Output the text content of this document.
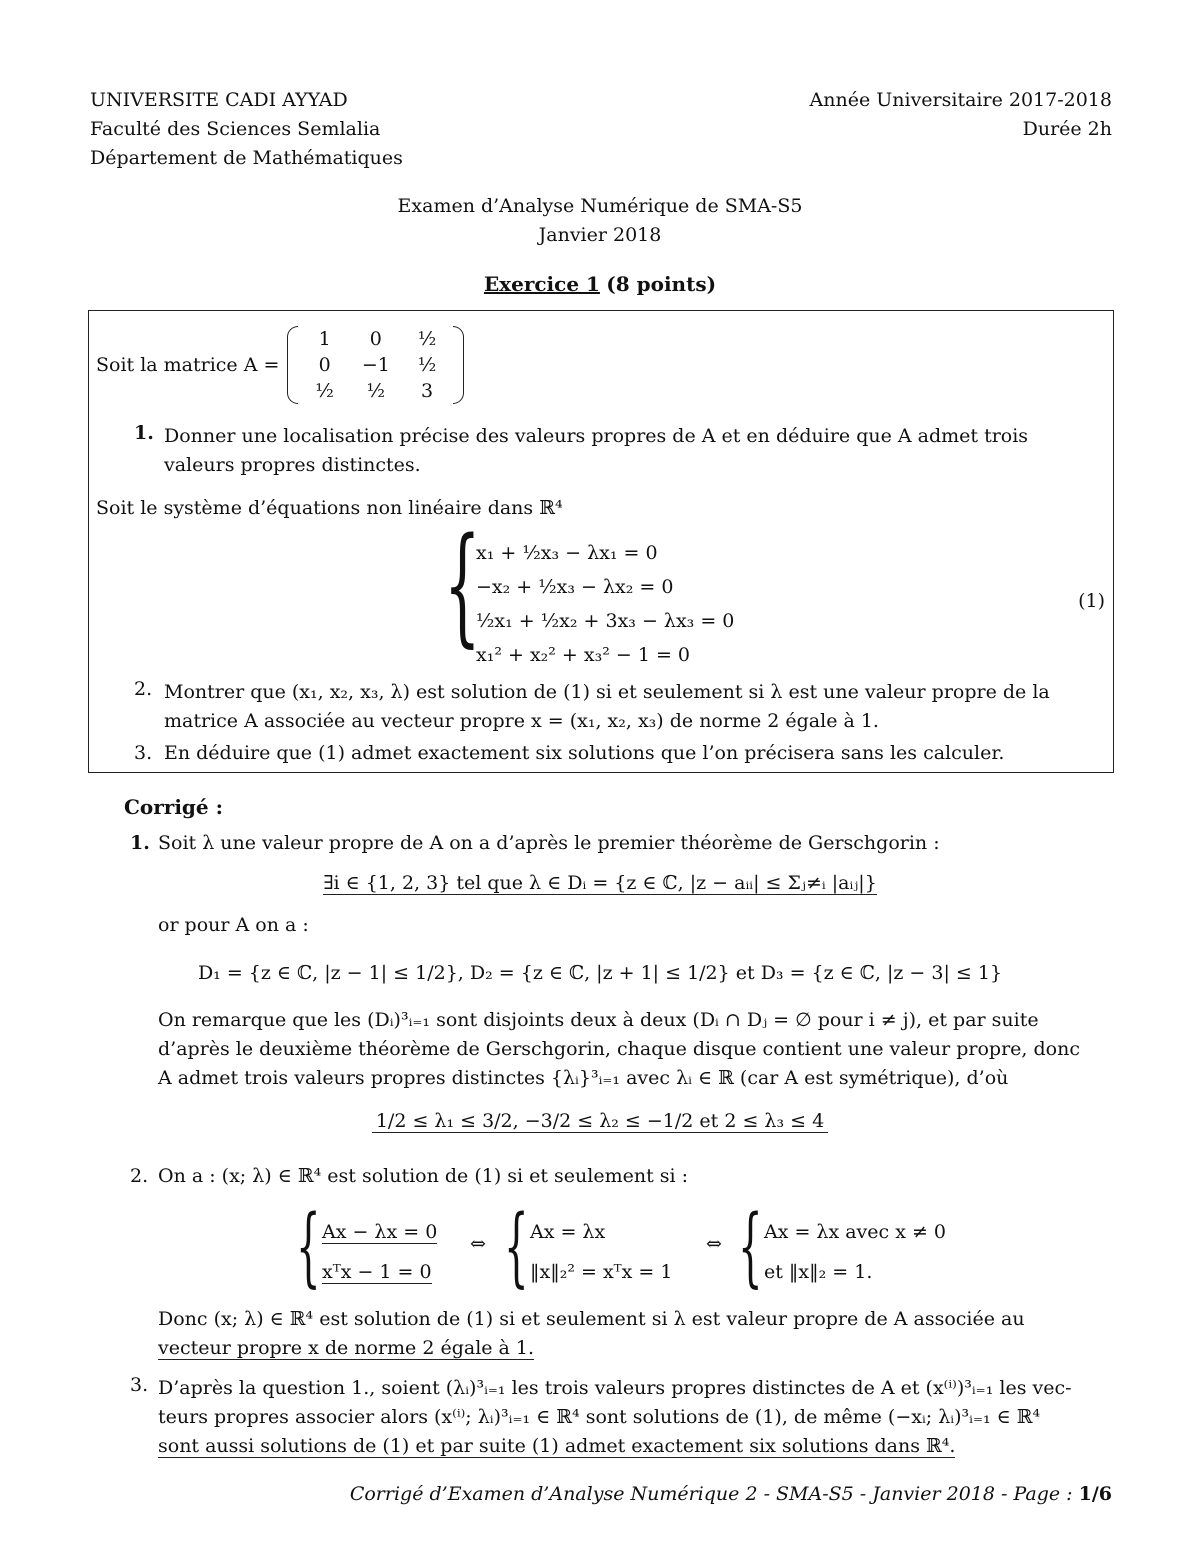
UNIVERSITE CADI AYYAD
Faculté des Sciences Semlalia
Département de Mathématiques
Année Universitaire 2017-2018
Durée 2h
Examen d’Analyse Numérique de SMA-S5
Janvier 2018
Exercice 1 (8 points)
Soit la matrice A =
1	0	½
0	−1	½
½	½	3
1. Donner une localisation précise des valeurs propres de A et en déduire que A admet trois valeurs propres distinctes.
Soit le système d’équations non linéaire dans ℝ⁴
{
x₁ + ½x₃ − λx₁ = 0
−x₂ + ½x₃ − λx₂ = 0
½x₁ + ½x₂ + 3x₃ − λx₃ = 0
x₁² + x₂² + x₃² − 1 = 0
(1)
2. Montrer que (x₁, x₂, x₃, λ) est solution de (1) si et seulement si λ est une valeur propre de la matrice A associée au vecteur propre x = (x₁, x₂, x₃) de norme 2 égale à 1.
3. En déduire que (1) admet exactement six solutions que l’on précisera sans les calculer.
Corrigé :
1. Soit λ une valeur propre de A on a d’après le premier théorème de Gerschgorin :
∃i ∈ {1, 2, 3} tel que λ ∈ Dᵢ = {z ∈ ℂ, |z − aᵢᵢ| ≤ Σⱼ≠ᵢ |aᵢⱼ|}
or pour A on a :
D₁ = {z ∈ ℂ, |z − 1| ≤ 1/2}, D₂ = {z ∈ ℂ, |z + 1| ≤ 1/2} et D₃ = {z ∈ ℂ, |z − 3| ≤ 1}
On remarque que les (Dᵢ)³ᵢ₌₁ sont disjoints deux à deux (Dᵢ ∩ Dⱼ = ∅ pour i ≠ j), et par suite
d’après le deuxième théorème de Gerschgorin, chaque disque contient une valeur propre, donc
A admet trois valeurs propres distinctes {λᵢ}³ᵢ₌₁ avec λᵢ ∈ ℝ (car A est symétrique), d’où
1/2 ≤ λ₁ ≤ 3/2, −3/2 ≤ λ₂ ≤ −1/2 et 2 ≤ λ₃ ≤ 4
2. On a : (x; λ) ∈ ℝ⁴ est solution de (1) si et seulement si :
{ Ax − λx = 0
xᵀx − 1 = 0
⇔ { Ax = λx
‖x‖₂² = xᵀx = 1
⇔ { Ax = λx avec x ≠ 0
et ‖x‖₂ = 1.
Donc (x; λ) ∈ ℝ⁴ est solution de (1) si et seulement si λ est valeur propre de A associée au
vecteur propre x de norme 2 égale à 1.
3. D’après la question 1., soient (λᵢ)³ᵢ₌₁ les trois valeurs propres distinctes de A et (x⁽ⁱ⁾)³ᵢ₌₁ les vec-
teurs propres associer alors (x⁽ⁱ⁾; λᵢ)³ᵢ₌₁ ∈ ℝ⁴ sont solutions de (1), de même (−xᵢ; λᵢ)³ᵢ₌₁ ∈ ℝ⁴
sont aussi solutions de (1) et par suite (1) admet exactement six solutions dans ℝ⁴.
Corrigé d’Examen d’Analyse Numérique 2 - SMA-S5 - Janvier 2018 - Page : 1/6
